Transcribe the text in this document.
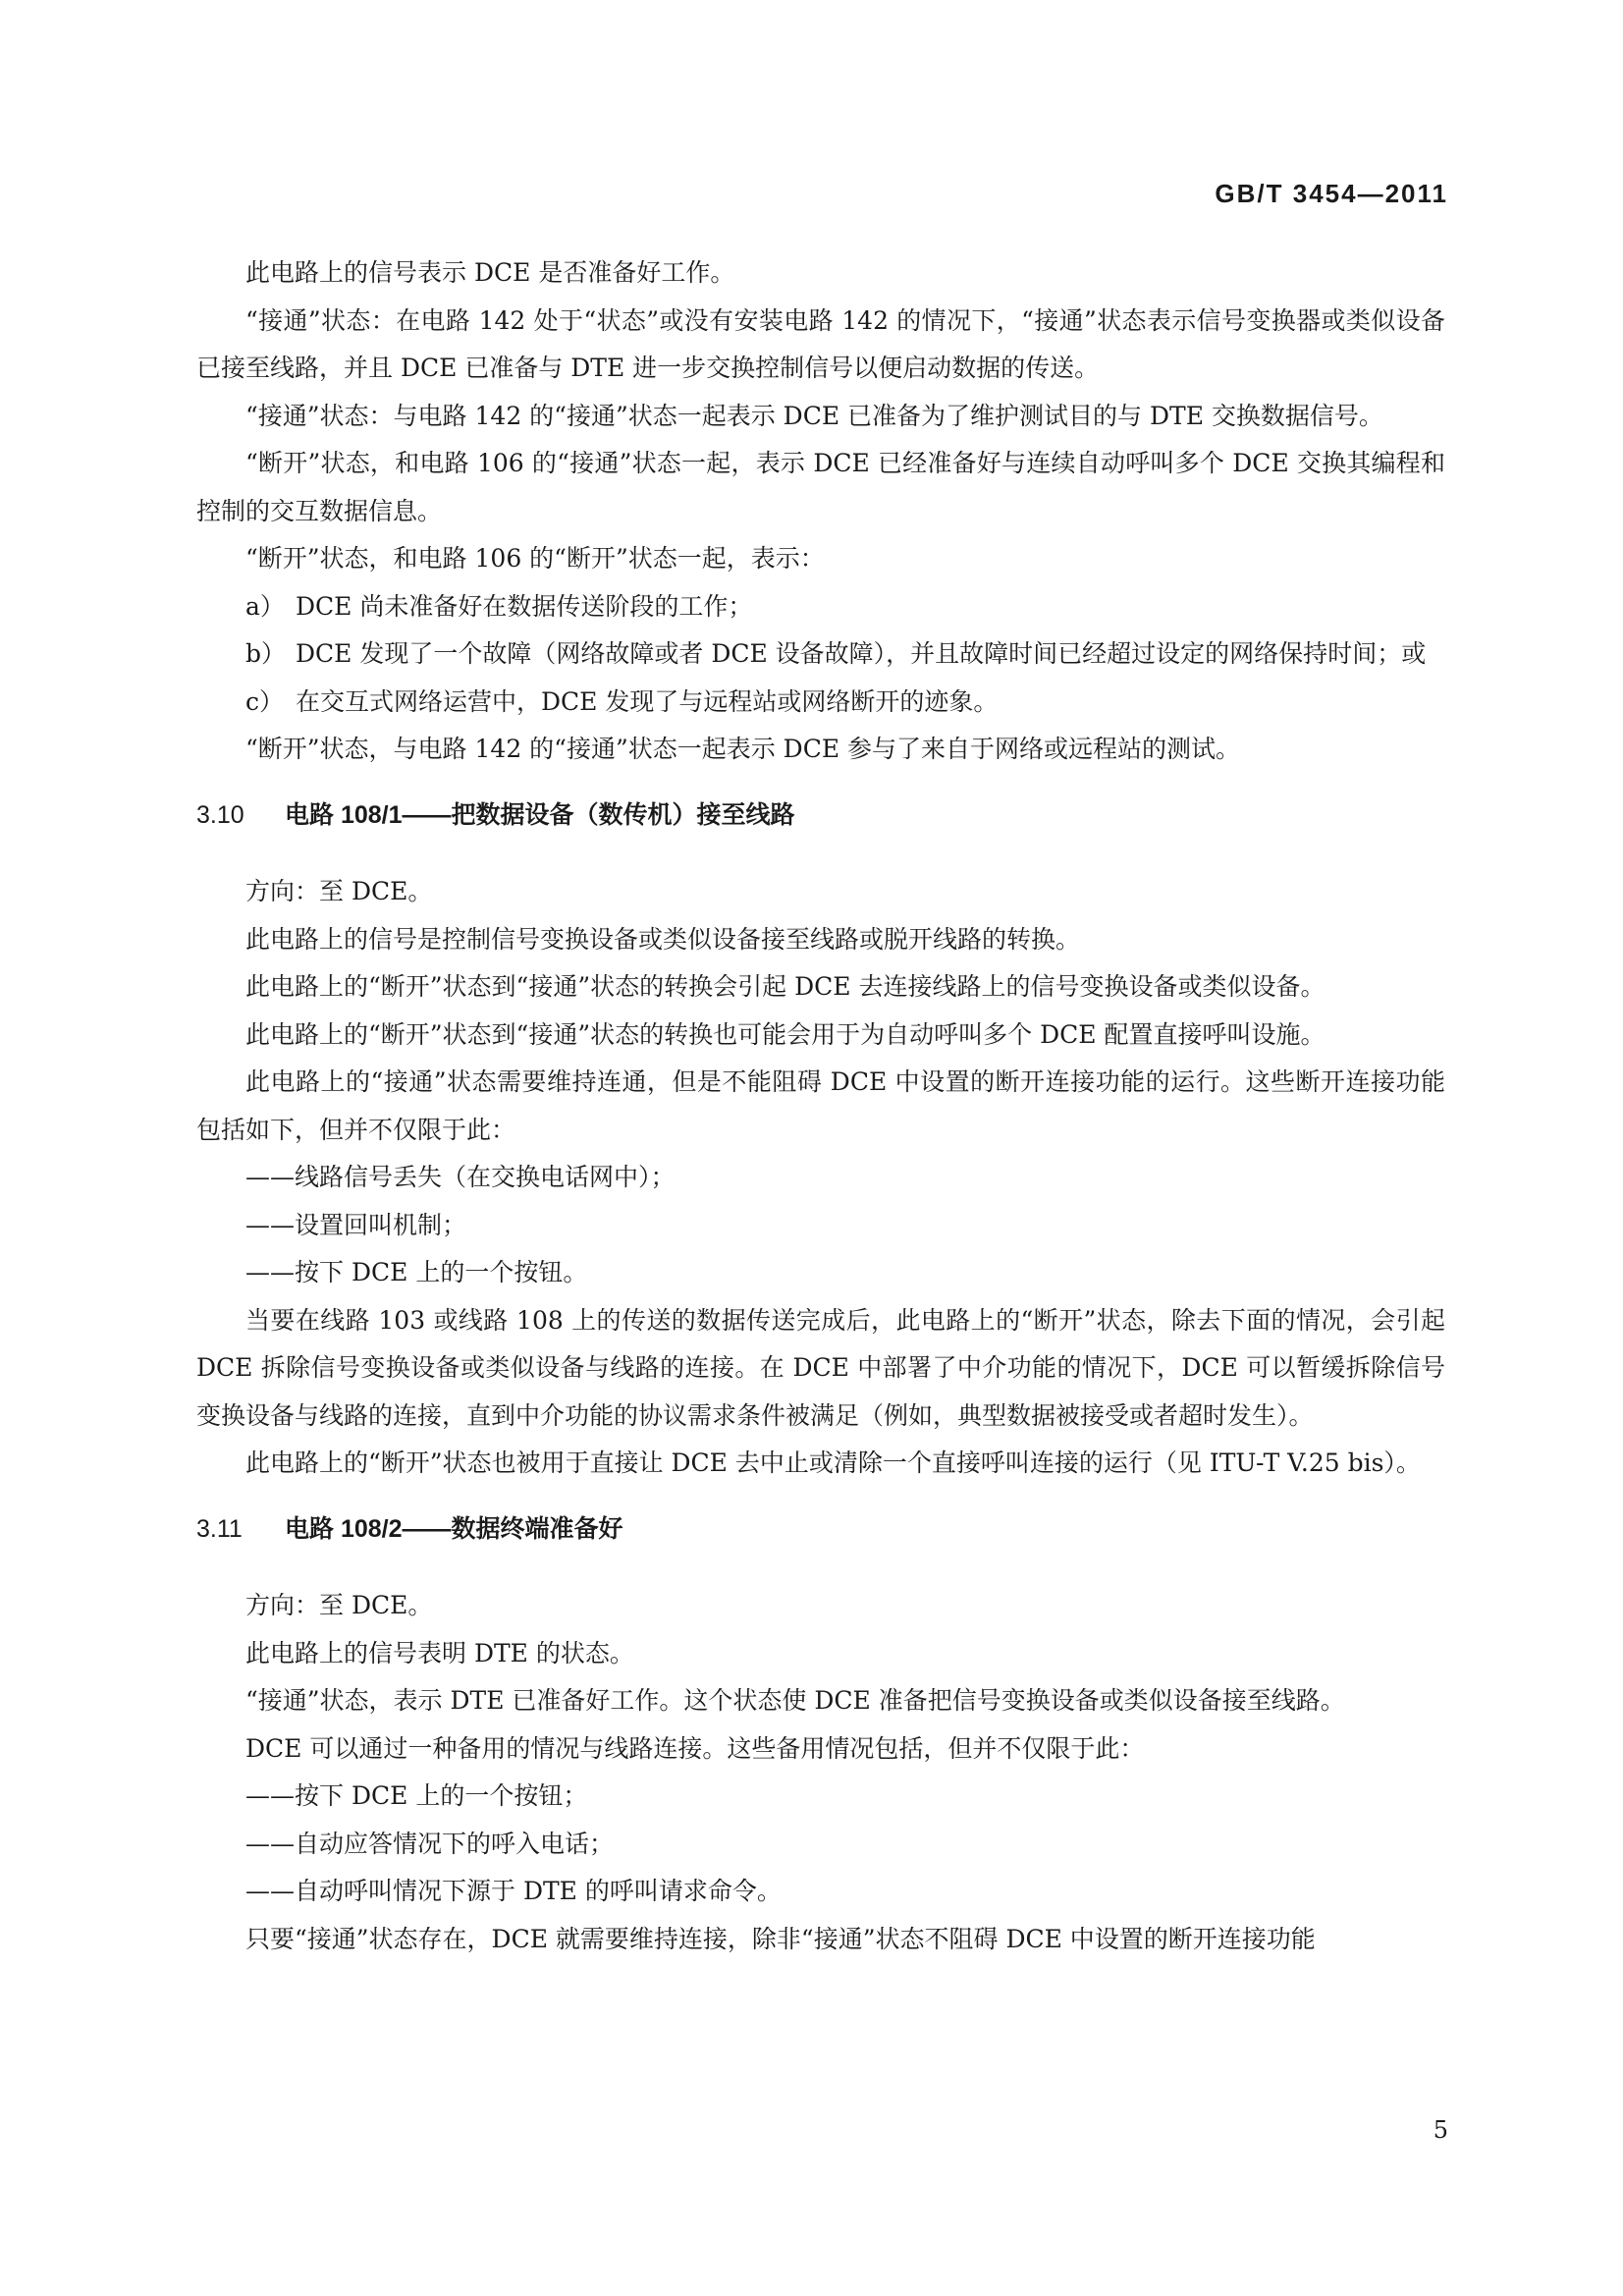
GB/T 3454—2011

此电路上的信号表示 DCE 是否准备好工作。

“接通”状态：在电路 142 处于“状态”或没有安装电路 142 的情况下，“接通”状态表示信号变换器或类似设备已接至线路，并且 DCE 已准备与 DTE 进一步交换控制信号以便启动数据的传送。

“接通”状态：与电路 142 的“接通”状态一起表示 DCE 已准备为了维护测试目的与 DTE 交换数据信号。

“断开”状态，和电路 106 的“接通”状态一起，表示 DCE 已经准备好与连续自动呼叫多个 DCE 交换其编程和控制的交互数据信息。

“断开”状态，和电路 106 的“断开”状态一起，表示：

a） DCE 尚未准备好在数据传送阶段的工作；
b） DCE 发现了一个故障（网络故障或者 DCE 设备故障），并且故障时间已经超过设定的网络保持时间；或
c） 在交互式网络运营中，DCE 发现了与远程站或网络断开的迹象。

“断开”状态，与电路 142 的“接通”状态一起表示 DCE 参与了来自于网络或远程站的测试。

3.10	电路 108/1——把数据设备（数传机）接至线路

方向：至 DCE。

此电路上的信号是控制信号变换设备或类似设备接至线路或脱开线路的转换。

此电路上的“断开”状态到“接通”状态的转换会引起 DCE 去连接线路上的信号变换设备或类似设备。

此电路上的“断开”状态到“接通”状态的转换也可能会用于为自动呼叫多个 DCE 配置直接呼叫设施。

此电路上的“接通”状态需要维持连通，但是不能阻碍 DCE 中设置的断开连接功能的运行。这些断开连接功能包括如下，但并不仅限于此：

——线路信号丢失（在交换电话网中）；

——设置回叫机制；

——按下 DCE 上的一个按钮。

当要在线路 103 或线路 108 上的传送的数据传送完成后，此电路上的“断开”状态，除去下面的情况，会引起 DCE 拆除信号变换设备或类似设备与线路的连接。在 DCE 中部署了中介功能的情况下，DCE 可以暂缓拆除信号变换设备与线路的连接，直到中介功能的协议需求条件被满足（例如，典型数据被接受或者超时发生）。

此电路上的“断开”状态也被用于直接让 DCE 去中止或清除一个直接呼叫连接的运行（见 ITU-T V.25 bis）。

3.11	电路 108/2——数据终端准备好

方向：至 DCE。

此电路上的信号表明 DTE 的状态。

“接通”状态，表示 DTE 已准备好工作。这个状态使 DCE 准备把信号变换设备或类似设备接至线路。

DCE 可以通过一种备用的情况与线路连接。这些备用情况包括，但并不仅限于此：

——按下 DCE 上的一个按钮；

——自动应答情况下的呼入电话；

——自动呼叫情况下源于 DTE 的呼叫请求命令。

只要“接通”状态存在，DCE 就需要维持连接，除非“接通”状态不阻碍 DCE 中设置的断开连接功能

5
